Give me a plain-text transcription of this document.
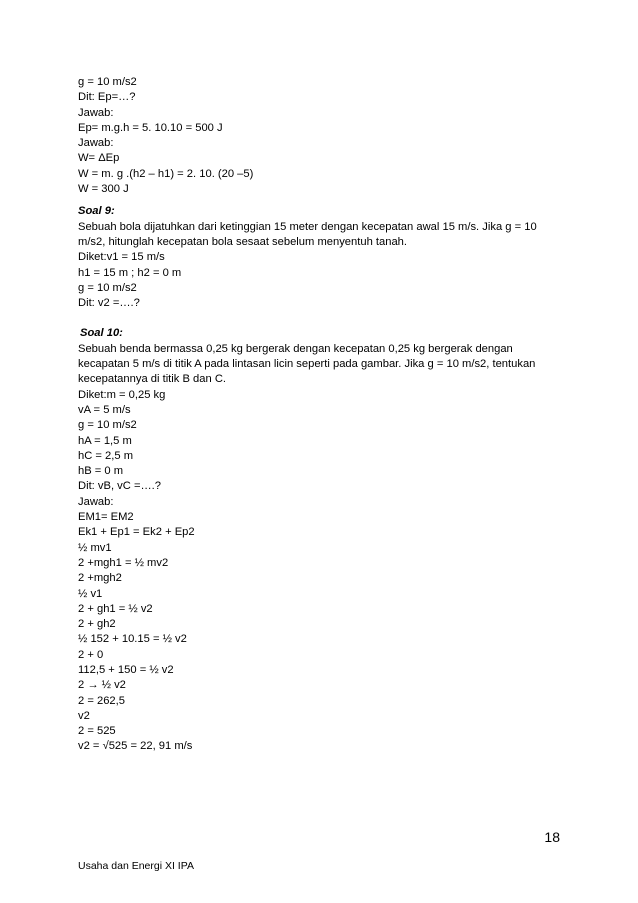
g = 10 m/s2

Dit: Ep=…?

Jawab:

Ep= m.g.h = 5. 10.10 = 500 J

Jawab:

W= ΔEp

W = m. g .(h2 – h1) = 2. 10. (20 –5)

W = 300 J

Soal 9:

Sebuah bola dijatuhkan dari ketinggian 15 meter dengan kecepatan awal 15 m/s. Jika g = 10 m/s2, hitunglah kecepatan bola sesaat sebelum menyentuh tanah.

Diket:v1 = 15 m/s

h1 = 15 m ; h2 = 0 m

g = 10 m/s2

Dit: v2 =….?

Soal 10:

Sebuah benda bermassa 0,25 kg bergerak dengan kecepatan 0,25 kg bergerak dengan kecapatan 5 m/s di titik A pada lintasan licin seperti pada gambar. Jika g = 10 m/s2, tentukan kecepatannya di titik B dan C.

Diket:m = 0,25 kg

vA = 5 m/s

g = 10 m/s2

hA = 1,5 m

hC = 2,5 m

hB = 0 m

Dit: vB, vC =….?

Jawab:

EM1= EM2

Ek1 + Ep1 = Ek2 + Ep2

½ mv1

2 +mgh1 = ½ mv2

2 +mgh2

½ v1

2 + gh1 = ½ v2

2 + gh2

½ 152 + 10.15 = ½ v2

2 + 0

112,5 + 150 = ½ v2

2 → ½ v2

2 = 262,5

v2

2 = 525

v2 = √525 = 22, 91 m/s

18
Usaha dan Energi XI IPA
